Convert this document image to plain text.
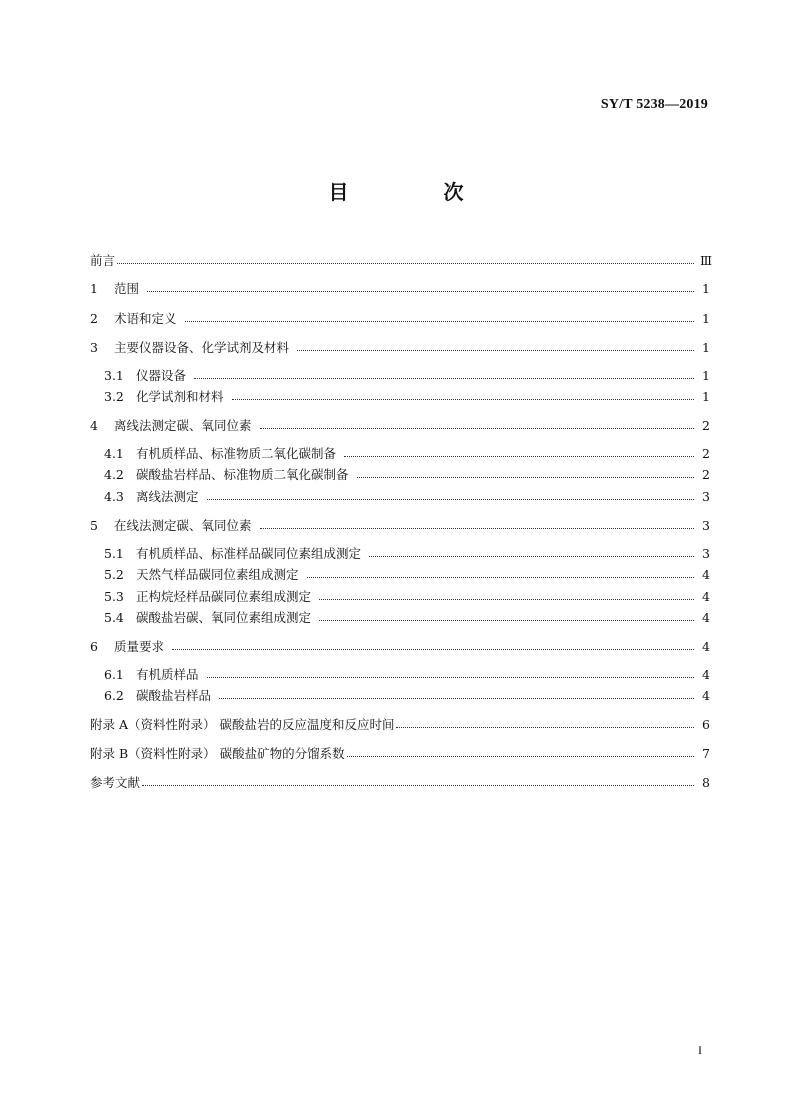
SY/T 5238—2019
目 次
前言	Ⅲ
1	范围	1
2	术语和定义	1
3	主要仪器设备、化学试剂及材料	1
3.1 仪器设备	1
3.2 化学试剂和材料	1
4	离线法测定碳、氧同位素	2
4.1 有机质样品、标准物质二氧化碳制备	2
4.2 碳酸盐岩样品、标准物质二氧化碳制备	2
4.3 离线法测定	3
5	在线法测定碳、氧同位素	3
5.1 有机质样品、标准样品碳同位素组成测定	3
5.2 天然气样品碳同位素组成测定	4
5.3 正构烷烃样品碳同位素组成测定	4
5.4 碳酸盐岩碳、氧同位素组成测定	4
6	质量要求	4
6.1 有机质样品	4
6.2 碳酸盐岩样品	4
附录 A（资料性附录） 碳酸盐岩的反应温度和反应时间	6
附录 B（资料性附录） 碳酸盐矿物的分馏系数	7
参考文献	8
I
